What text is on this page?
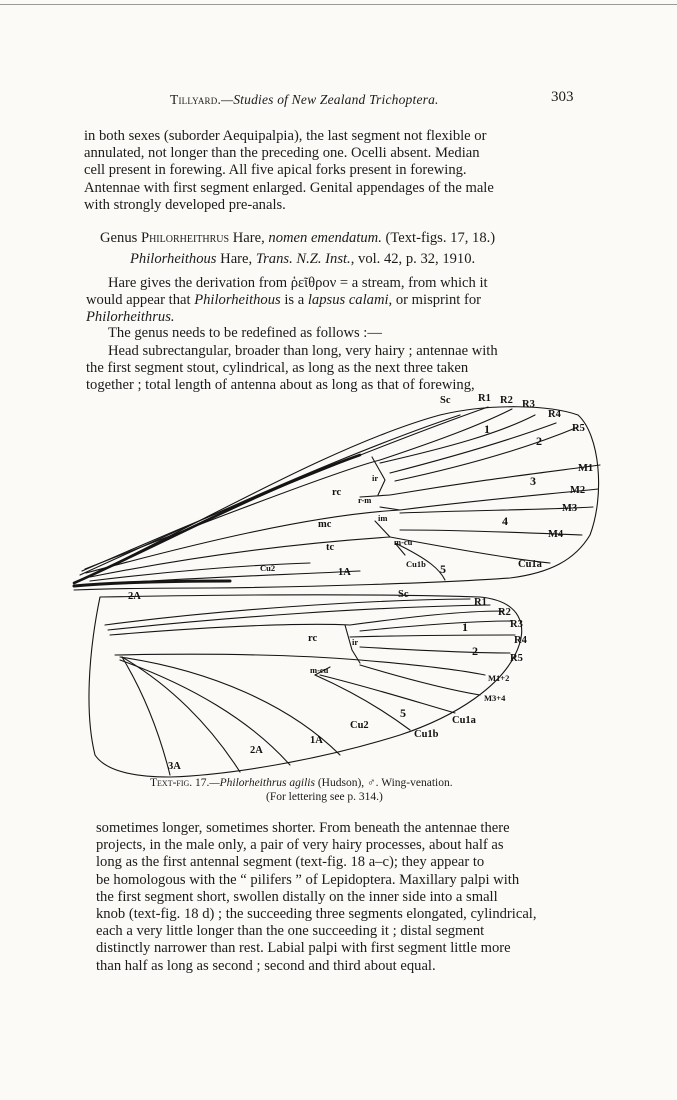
Tillyard.—Studies of New Zealand Trichoptera.	303
in both sexes (suborder Aequipalpia), the last segment not flexible or
annulated, not longer than the preceding one. Ocelli absent. Median
cell present in forewing. All five apical forks present in forewing.
Antennae with first segment enlarged. Genital appendages of the male
with strongly developed pre-anals.
Genus Philorheithrus Hare, nomen emendatum. (Text-figs. 17, 18.)
Philorheithous Hare, Trans. N.Z. Inst., vol. 42, p. 32, 1910.
Hare gives the derivation from ῥεῖθρον = a stream, from which it
would appear that Philorheithous is a lapsus calami, or misprint for
Philorheithrus.
The genus needs to be redefined as follows :—
Head subrectangular, broader than long, very hairy ; antennae with
the first segment stout, cylindrical, as long as the next three taken
together ; total length of antenna about as long as that of forewing,
Sc	R1 R2 R3
R4
R5
M1
M2
M3
M4
Cu1a
Cu1b
Cu2	1A
2A
rc
ir
r-m
im
mc
tc	m-cu
1
2
3
4
5
Sc
R1
R2
R3
R4
R5
M1+2
M3+4
Cu1a
Cu1b
Cu2
1A
2A
3A
rc	ir
m-cu
1
2
5
Text-fig. 17.—Philorheithrus agilis (Hudson), ♂. Wing-venation.
(For lettering see p. 314.)
sometimes longer, sometimes shorter. From beneath the antennae there
projects, in the male only, a pair of very hairy processes, about half as
long as the first antennal segment (text-fig. 18 a–c); they appear to
be homologous with the “ pilifers ” of Lepidoptera. Maxillary palpi with
the first segment short, swollen distally on the inner side into a small
knob (text-fig. 18 d) ; the succeeding three segments elongated, cylindrical,
each a very little longer than the one succeeding it ; distal segment
distinctly narrower than rest. Labial palpi with first segment little more
than half as long as second ; second and third about equal.
